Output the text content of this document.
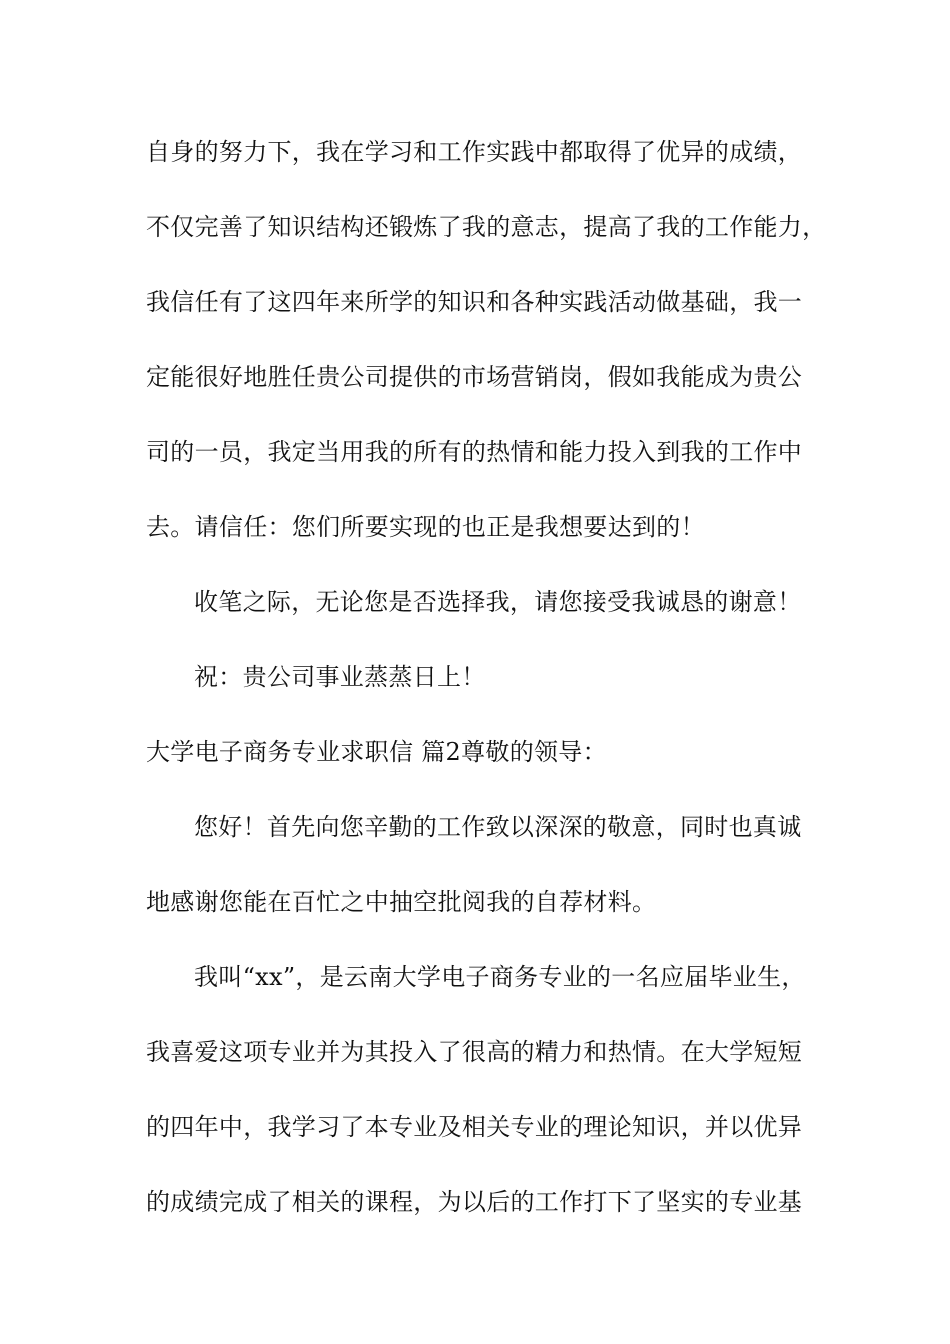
自身的努力下，我在学习和工作实践中都取得了优异的成绩，
不仅完善了知识结构还锻炼了我的意志，提高了我的工作能力，
我信任有了这四年来所学的知识和各种实践活动做基础，我一
定能很好地胜任贵公司提供的市场营销岗，假如我能成为贵公
司的一员，我定当用我的所有的热情和能力投入到我的工作中
去。请信任：您们所要实现的也正是我想要达到的！
收笔之际，无论您是否选择我，请您接受我诚恳的谢意！
祝：贵公司事业蒸蒸日上！
大学电子商务专业求职信 篇2尊敬的领导：
您好！首先向您辛勤的工作致以深深的敬意，同时也真诚
地感谢您能在百忙之中抽空批阅我的自荐材料。
我叫“xx”，是云南大学电子商务专业的一名应届毕业生，
我喜爱这项专业并为其投入了很高的精力和热情。在大学短短
的四年中，我学习了本专业及相关专业的理论知识，并以优异
的成绩完成了相关的课程，为以后的工作打下了坚实的专业基
